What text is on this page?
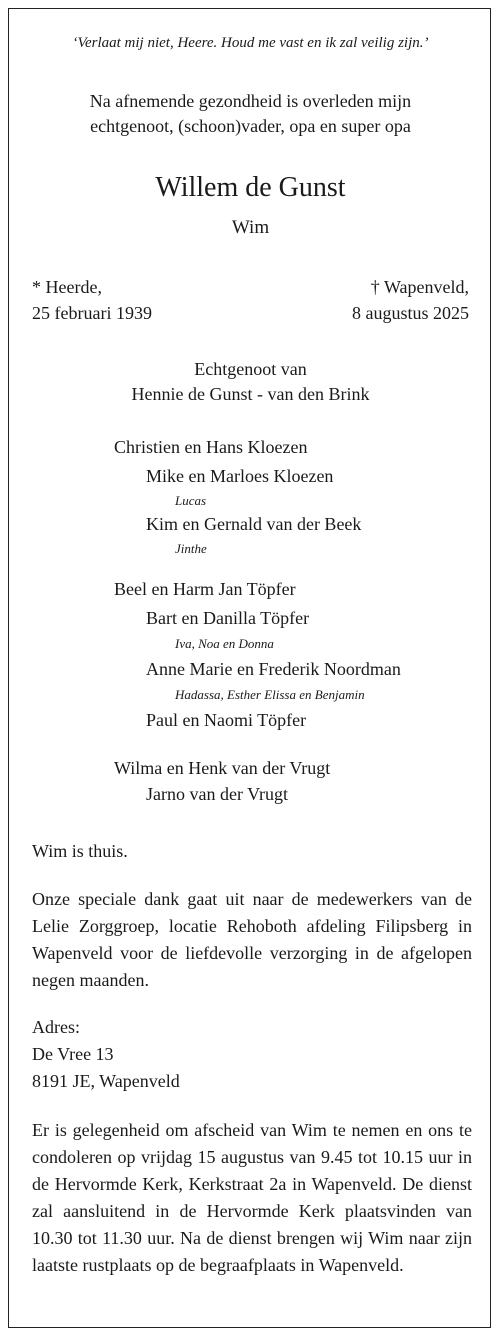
‘Verlaat mij niet, Heere. Houd me vast en ik zal veilig zijn.’
Na afnemende gezondheid is overleden mijn
echtgenoot, (schoon)vader, opa en super opa
Willem de Gunst
Wim
* Heerde,
25 februari 1939
† Wapenveld,
8 augustus 2025
Echtgenoot van
Hennie de Gunst - van den Brink
Christien en Hans Kloezen
Mike en Marloes Kloezen
Lucas
Kim en Gernald van der Beek
Jinthe
Beel en Harm Jan Töpfer
Bart en Danilla Töpfer
Iva, Noa en Donna
Anne Marie en Frederik Noordman
Hadassa, Esther Elissa en Benjamin
Paul en Naomi Töpfer
Wilma en Henk van der Vrugt
Jarno van der Vrugt
Wim is thuis.
Onze speciale dank gaat uit naar de medewerkers van de Lelie Zorggroep, locatie Rehoboth afdeling Filipsberg in Wapenveld voor de liefdevolle verzorging in de afgelopen negen maanden.
Adres:
De Vree 13
8191 JE, Wapenveld
Er is gelegenheid om afscheid van Wim te nemen en ons te condoleren op vrijdag 15 augustus van 9.45 tot 10.15 uur in de Hervormde Kerk, Kerkstraat 2a in Wapenveld. De dienst zal aansluitend in de Hervormde Kerk plaatsvinden van 10.30 tot 11.30 uur. Na de dienst brengen wij Wim naar zijn laatste rustplaats op de begraafplaats in Wapenveld.
